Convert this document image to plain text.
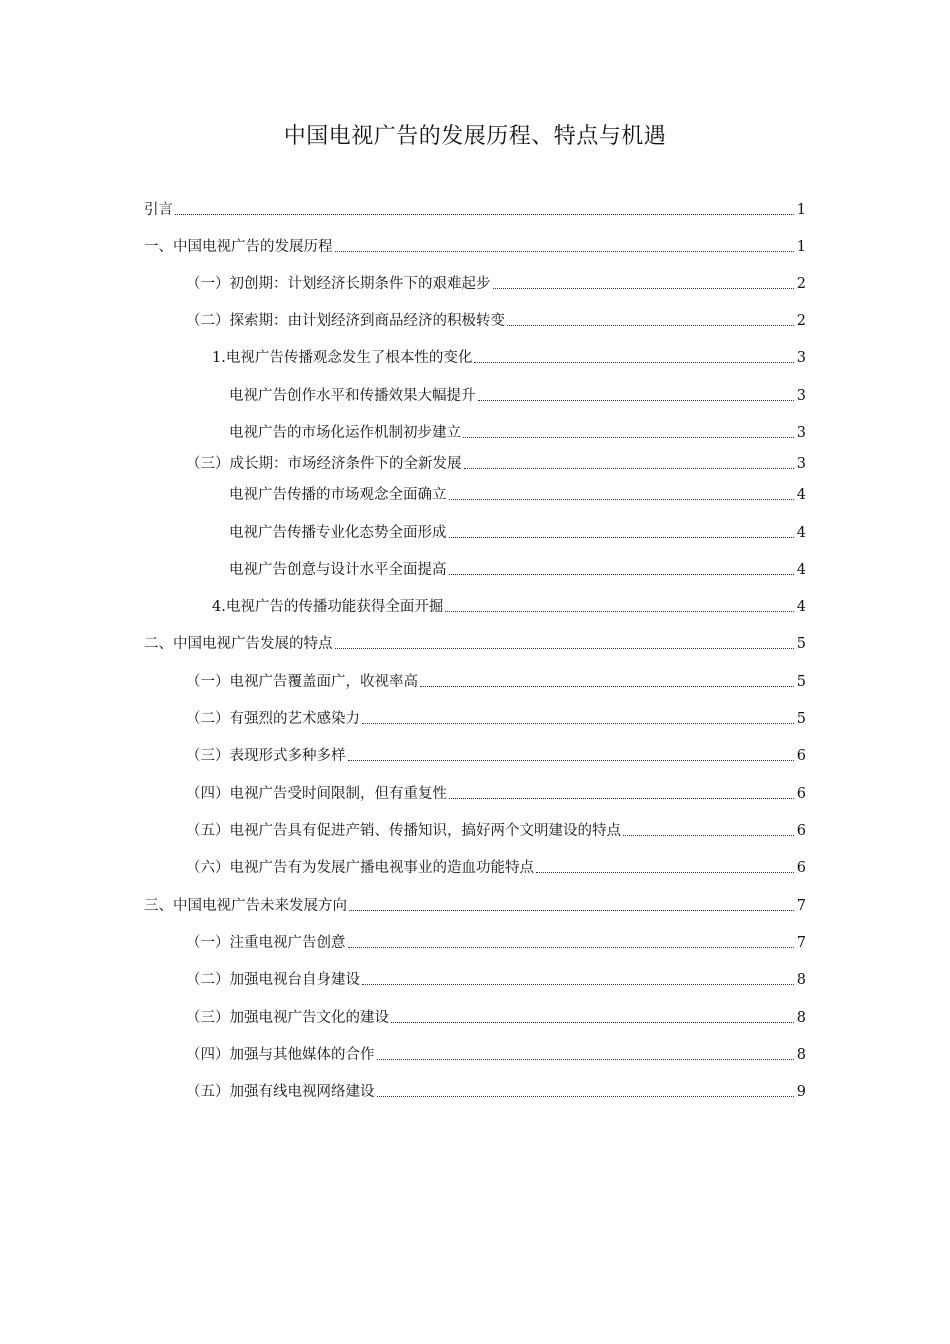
中国电视广告的发展历程、特点与机遇
引言	1
一、中国电视广告的发展历程	1
（一）初创期：计划经济长期条件下的艰难起步	2
（二）探索期：由计划经济到商品经济的积极转变	2
1.电视广告传播观念发生了根本性的变化	3
电视广告创作水平和传播效果大幅提升	3
电视广告的市场化运作机制初步建立	3
（三）成长期：市场经济条件下的全新发展	3
电视广告传播的市场观念全面确立	4
电视广告传播专业化态势全面形成	4
电视广告创意与设计水平全面提高	4
4.电视广告的传播功能获得全面开掘	4
二、中国电视广告发展的特点	5
（一）电视广告覆盖面广，收视率高	5
（二）有强烈的艺术感染力	5
（三）表现形式多种多样	6
（四）电视广告受时间限制，但有重复性	6
（五）电视广告具有促进产销、传播知识，搞好两个文明建设的特点	6
（六）电视广告有为发展广播电视事业的造血功能特点	6
三、中国电视广告未来发展方向	7
（一）注重电视广告创意	7
（二）加强电视台自身建设	8
（三）加强电视广告文化的建设	8
（四）加强与其他媒体的合作	8
（五）加强有线电视网络建设	9
